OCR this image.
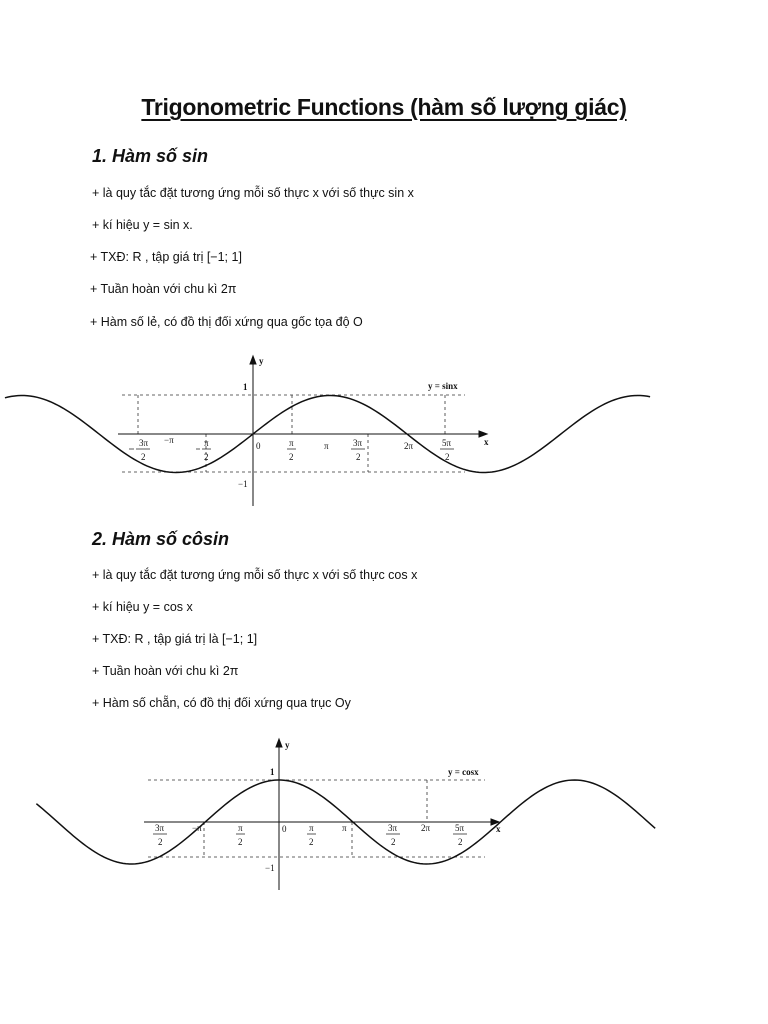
Trigonometric Functions (hàm số lượng giác)
1. Hàm số sin
+ là quy tắc đặt tương ứng mỗi số thực x với số thực sin x
+ kí hiệu y = sin x.
+ TXĐ: R , tập giá trị [−1; 1]
+ Tuần hoàn với chu kì 2π
+ Hàm số lẻ, có đồ thị đối xứng qua gốc tọa độ O
y
x
1
−1
0
y = sinx
3π
2
−π	π
2
π
2
π	3π
2
2π	5π
2
2. Hàm số côsin
+ là quy tắc đặt tương ứng mỗi số thực x với số thực cos x
+ kí hiệu y = cos x
+ TXĐ: R , tập giá trị là [−1; 1]
+ Tuần hoàn với chu kì 2π
+ Hàm số chẵn, có đồ thị đối xứng qua trục Oy
y
x
1
−1
0
y = cosx
3π
2
−π	π
2
π
2
π	3π
2
2π	5π
2
